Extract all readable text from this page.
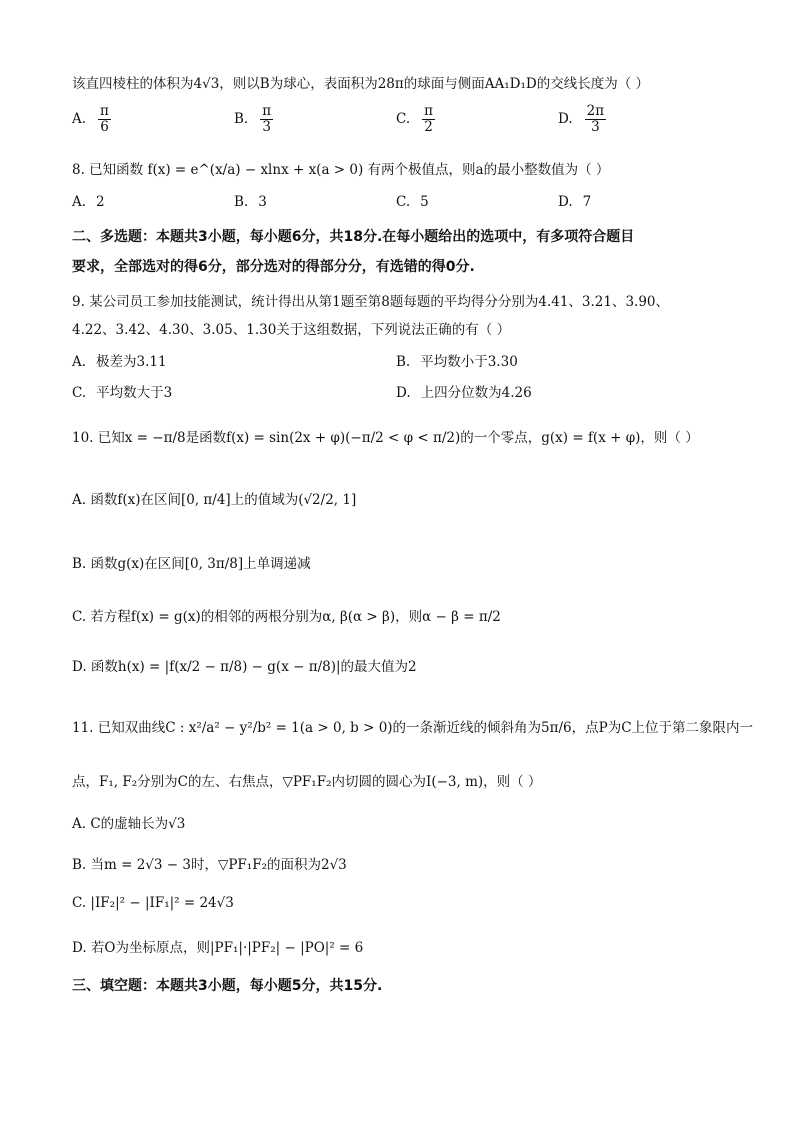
该直四棱柱的体积为4√3，则以B为球心，表面积为28π的球面与侧面AA₁D₁D的交线长度为（ ）
A. $\frac{\pi}{6}$	B. $\frac{\pi}{3}$	C. $\frac{\pi}{2}$	D. $\frac{2\pi}{3}$
8. 已知函数 f(x) = e^(x/a) − xlnx + x(a > 0) 有两个极值点，则a的最小整数值为（ ）
A. 2	B. 3	C. 5	D. 7
二、多选题：本题共3小题，每小题6分，共18分.在每小题给出的选项中，有多项符合题目
要求，全部选对的得6分，部分选对的得部分分，有选错的得0分.
9. 某公司员工参加技能测试，统计得出从第1题至第8题每题的平均得分分别为4.41、3.21、3.90、
4.22、3.42、4.30、3.05、1.30关于这组数据，下列说法正确的有（ ）
A. 极差为3.11	B. 平均数小于3.30
C. 平均数大于3	D. 上四分位数为4.26
10. 已知x = −π/8是函数f(x) = sin(2x + φ)(−π/2 < φ < π/2)的一个零点，g(x) = f(x + φ)，则（ ）
A. 函数f(x)在区间[0, π/4]上的值域为(√2/2, 1]
B. 函数g(x)在区间[0, 3π/8]上单调递减
C. 若方程f(x) = g(x)的相邻的两根分别为α, β(α > β)，则α − β = π/2
D. 函数h(x) = |f(x/2 − π/8) − g(x − π/8)|的最大值为2
11. 已知双曲线C : x²/a² − y²/b² = 1(a > 0, b > 0)的一条渐近线的倾斜角为5π/6，点P为C上位于第二象限内一
点，F₁, F₂分别为C的左、右焦点，▽PF₁F₂内切圆的圆心为I(−3, m)，则（ ）
A. C的虚轴长为√3
B. 当m = 2√3 − 3时，▽PF₁F₂的面积为2√3
C. |IF₂|² − |IF₁|² = 24√3
D. 若O为坐标原点，则|PF₁|·|PF₂| − |PO|² = 6
三、填空题：本题共3小题，每小题5分，共15分.
